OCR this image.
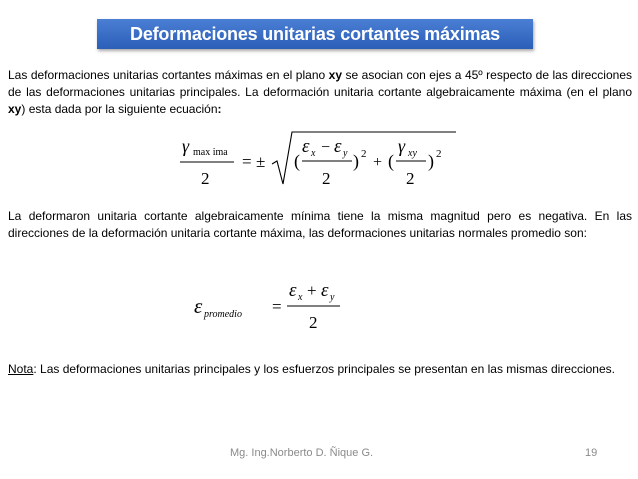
Deformaciones unitarias cortantes máximas

Las deformaciones unitarias cortantes máximas en el plano xy se asocian con ejes a 45º respecto de las direcciones de las deformaciones unitarias principales. La deformación unitaria cortante algebraicamente máxima (en el plano xy) esta dada por la siguiente ecuación:

γ max ima
2
= ± (
ε x − ε y
2
) 2 + (
γ xy
2
) 2

La deformaron unitaria cortante algebraicamente mínima tiene la misma magnitud pero es negativa. En las direcciones de la deformación unitaria cortante máxima, las deformaciones unitarias normales promedio son:

ε promedio =
ε x + ε y
2

Nota: Las deformaciones unitarias principales y los esfuerzos principales se presentan en las mismas direcciones.

Mg. Ing.Norberto D. Ñique G.	19
